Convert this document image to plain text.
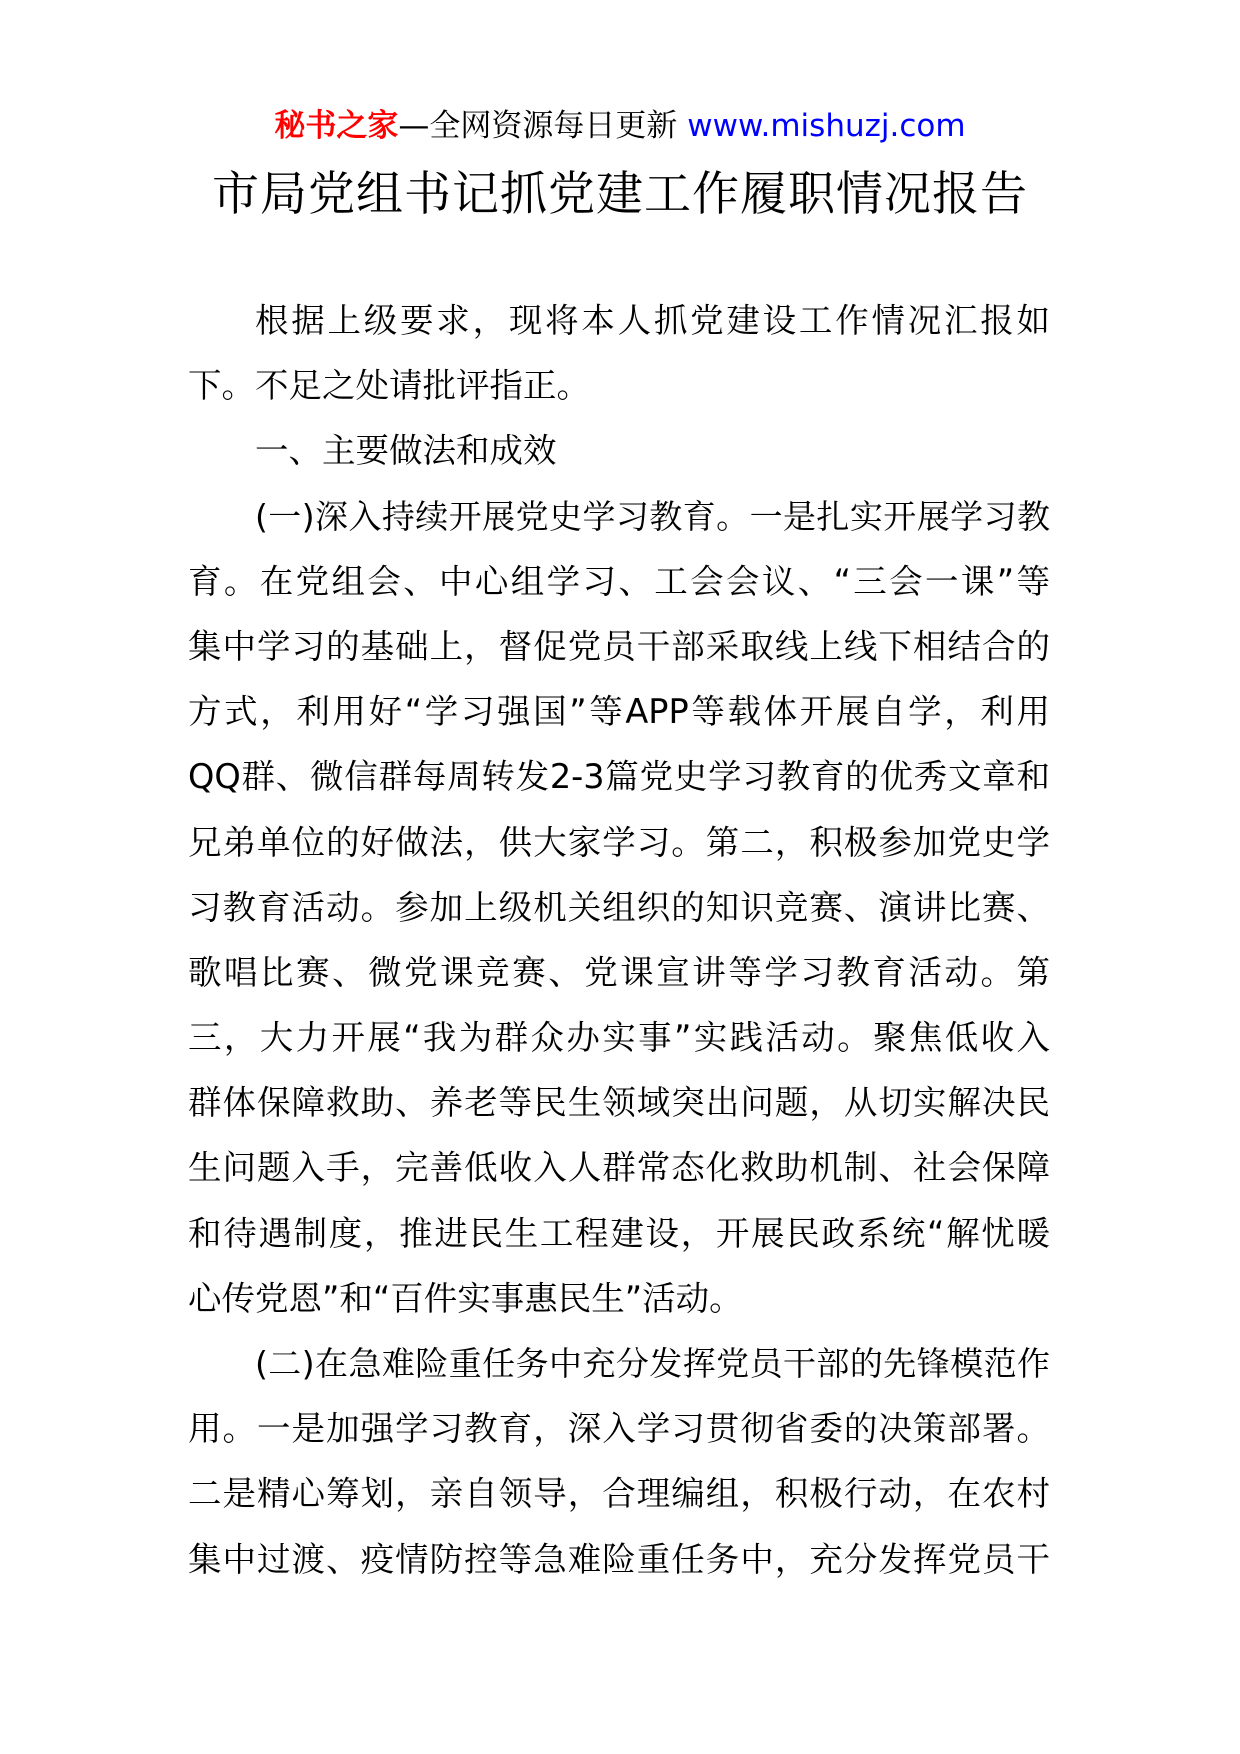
秘书之家—全网资源每日更新 www.mishuzj.com
市局党组书记抓党建工作履职情况报告
根据上级要求，现将本人抓党建设工作情况汇报如
下。不足之处请批评指正。
一、主要做法和成效
(一)深入持续开展党史学习教育。一是扎实开展学习教
育。在党组会、中心组学习、工会会议、“三会一课”等
集中学习的基础上，督促党员干部采取线上线下相结合的
方式，利用好“学习强国”等APP等载体开展自学，利用
QQ群、微信群每周转发2-3篇党史学习教育的优秀文章和
兄弟单位的好做法，供大家学习。第二，积极参加党史学
习教育活动。参加上级机关组织的知识竞赛、演讲比赛、
歌唱比赛、微党课竞赛、党课宣讲等学习教育活动。第
三，大力开展“我为群众办实事”实践活动。聚焦低收入
群体保障救助、养老等民生领域突出问题，从切实解决民
生问题入手，完善低收入人群常态化救助机制、社会保障
和待遇制度，推进民生工程建设，开展民政系统“解忧暖
心传党恩”和“百件实事惠民生”活动。
(二)在急难险重任务中充分发挥党员干部的先锋模范作
用。一是加强学习教育，深入学习贯彻省委的决策部署。
二是精心筹划，亲自领导，合理编组，积极行动，在农村
集中过渡、疫情防控等急难险重任务中，充分发挥党员干
